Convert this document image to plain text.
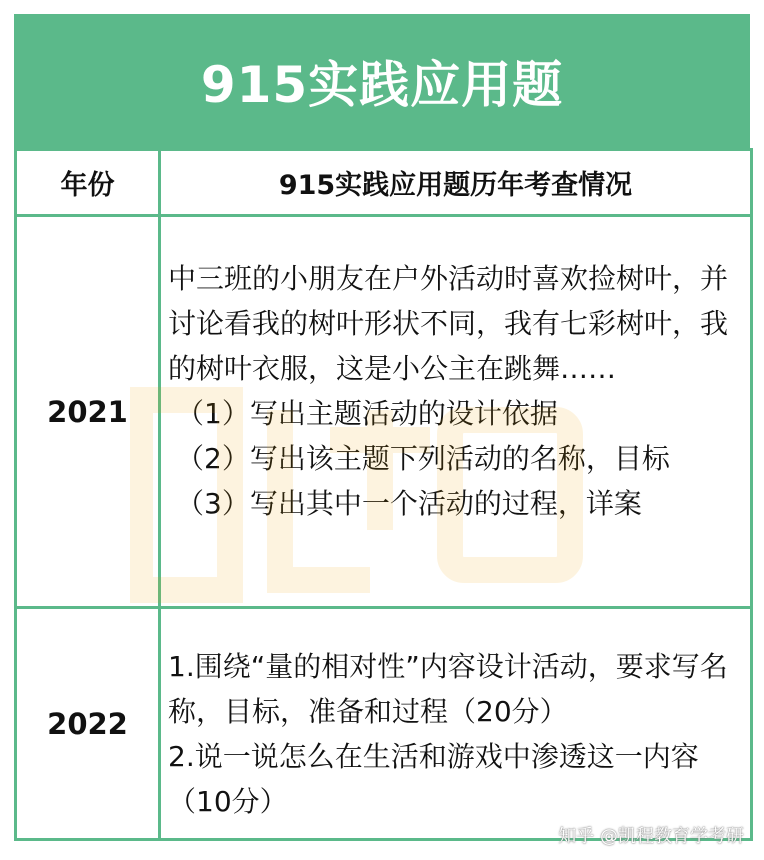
915实践应用题
年份	915实践应用题历年考查情况
2021	中三班的小朋友在户外活动时喜欢捡树叶，并讨论看我的树叶形状不同，我有七彩树叶，我的树叶衣服，这是小公主在跳舞……

（1）写出主题活动的设计依据

（2）写出该主题下列活动的名称，目标

（3）写出其中一个活动的过程，详案

2022	1.围绕“量的相对性”内容设计活动，要求写名称，目标，准备和过程（20分）

2.说一说怎么在生活和游戏中渗透这一内容（10分）

知乎 @凯程教育学考研
